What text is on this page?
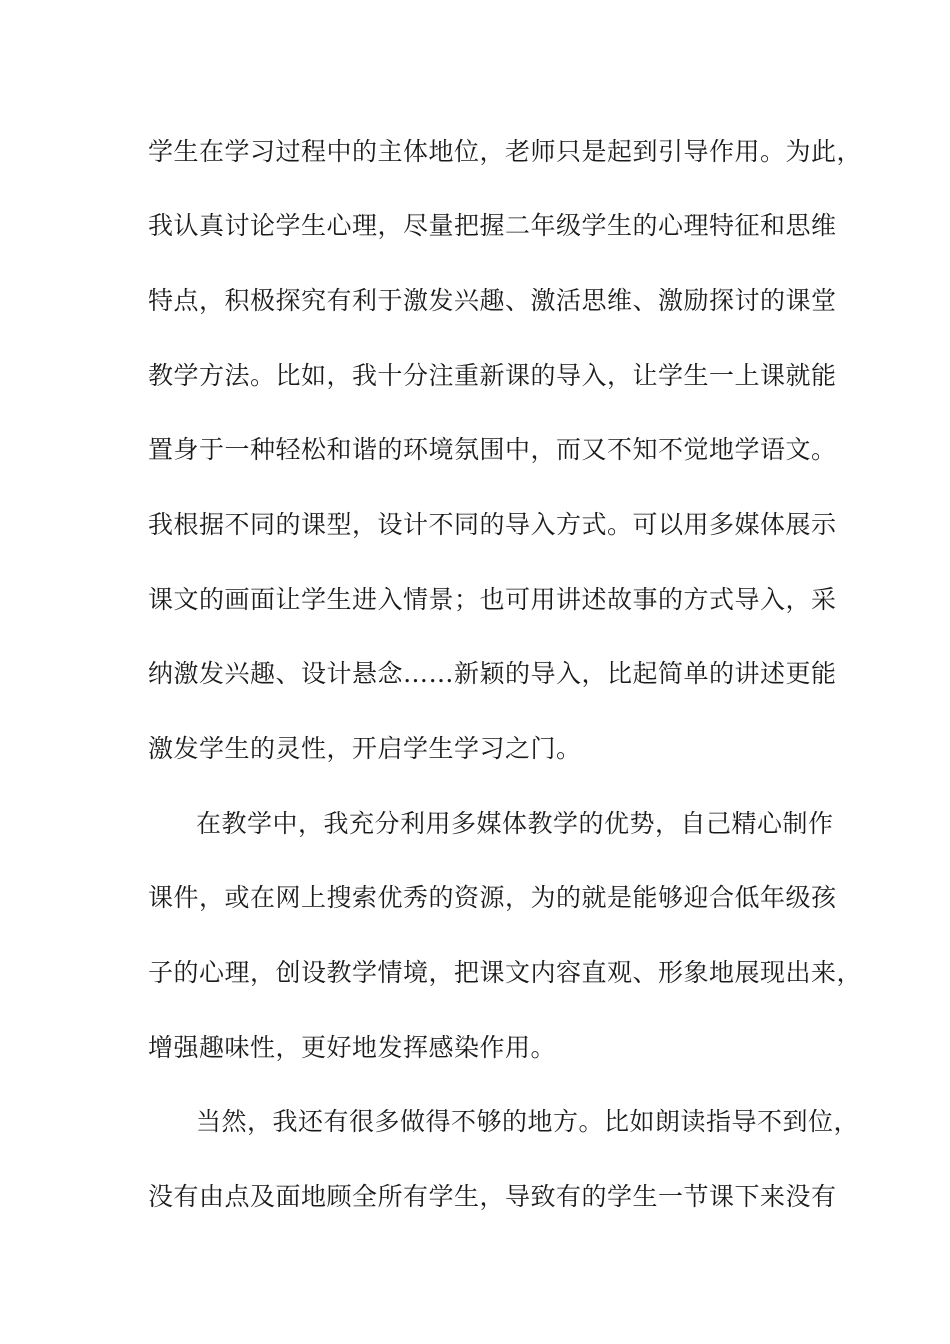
学生在学习过程中的主体地位，老师只是起到引导作用。为此，
我认真讨论学生心理，尽量把握二年级学生的心理特征和思维
特点，积极探究有利于激发兴趣、激活思维、激励探讨的课堂
教学方法。比如，我十分注重新课的导入，让学生一上课就能
置身于一种轻松和谐的环境氛围中，而又不知不觉地学语文。
我根据不同的课型，设计不同的导入方式。可以用多媒体展示
课文的画面让学生进入情景；也可用讲述故事的方式导入，采
纳激发兴趣、设计悬念……新颖的导入，比起简单的讲述更能
激发学生的灵性，开启学生学习之门。
在教学中，我充分利用多媒体教学的优势，自己精心制作
课件，或在网上搜索优秀的资源，为的就是能够迎合低年级孩
子的心理，创设教学情境，把课文内容直观、形象地展现出来，
增强趣味性，更好地发挥感染作用。
当然，我还有很多做得不够的地方。比如朗读指导不到位，
没有由点及面地顾全所有学生，导致有的学生一节课下来没有
